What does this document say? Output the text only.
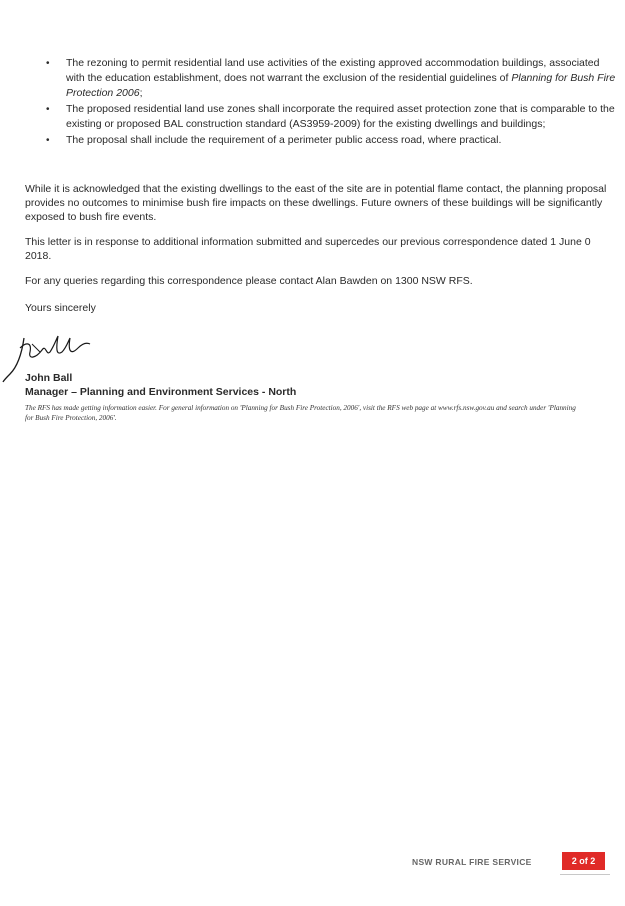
• The rezoning to permit residential land use activities of the existing approved accommodation buildings, associated with the education establishment, does not warrant the exclusion of the residential guidelines of Planning for Bush Fire Protection 2006;
• The proposed residential land use zones shall incorporate the required asset protection zone that is comparable to the existing or proposed BAL construction standard (AS3959-2009) for the existing dwellings and buildings;
• The proposal shall include the requirement of a perimeter public access road, where practical.

While it is acknowledged that the existing dwellings to the east of the site are in potential flame contact, the planning proposal provides no outcomes to minimise bush fire impacts on these dwellings. Future owners of these buildings will be significantly exposed to bush fire events.

This letter is in response to additional information submitted and supercedes our previous correspondence dated 1 June 0 2018.

For any queries regarding this correspondence please contact Alan Bawden on 1300 NSW RFS.

Yours sincerely

John Ball
Manager – Planning and Environment Services - North
The RFS has made getting information easier. For general information on 'Planning for Bush Fire Protection, 2006', visit the RFS web page at www.rfs.nsw.gov.au and search under 'Planning for Bush Fire Protection, 2006'.
NSW RURAL FIRE SERVICE	2 of 2
